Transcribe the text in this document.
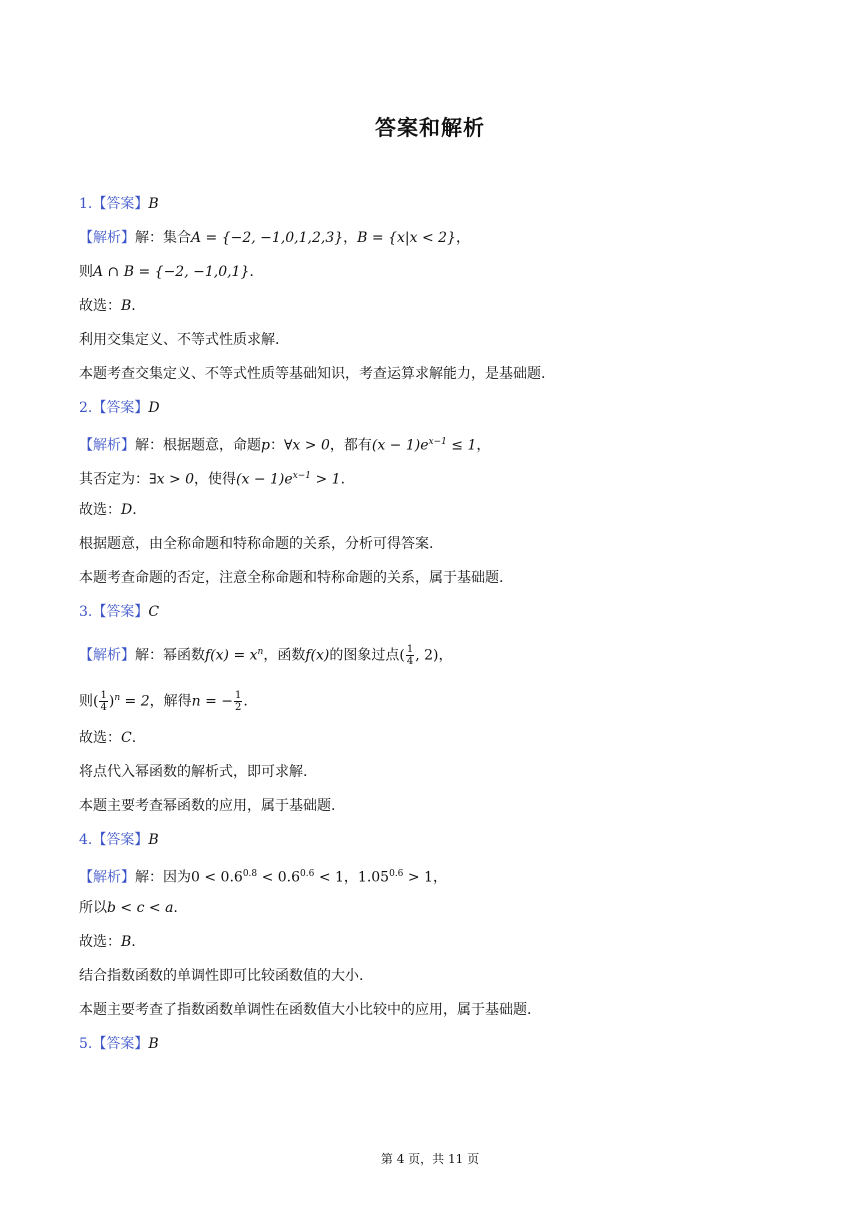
答案和解析
1.【答案】B
【解析】解：集合A = {−2, −1,0,1,2,3}，B = {x|x < 2}，
则A ∩ B = {−2, −1,0,1}.
故选：B.
利用交集定义、不等式性质求解.
本题考查交集定义、不等式性质等基础知识，考查运算求解能力，是基础题.
2.【答案】D
【解析】解：根据题意，命题p：∀x > 0，都有$(x - 1)e^{x-1} \le 1$，
其否定为：∃x > 0，使得$(x - 1)e^{x-1} > 1$.
故选：D.
根据题意，由全称命题和特称命题的关系，分析可得答案.
本题考查命题的否定，注意全称命题和特称命题的关系，属于基础题.
3.【答案】C
【解析】解：幂函数$f(x) = x^n$，函数f(x)的图象过点( $\frac{1}{4}$ , 2)，
则( $\frac{1}{4} )^n = 2$，解得n = − $\frac{1}{2}$ .
故选：C.
将点代入幂函数的解析式，即可求解.
本题主要考查幂函数的应用，属于基础题.
4.【答案】B
【解析】解：因为$0 < 0.6^{0.8} < 0.6^{0.6} < 1$，$1.05^{0.6} > 1$，
所以b < c < a.
故选：B.
结合指数函数的单调性即可比较函数值的大小.
本题主要考查了指数函数单调性在函数值大小比较中的应用，属于基础题.
5.【答案】B
第 4 页，共 11 页
